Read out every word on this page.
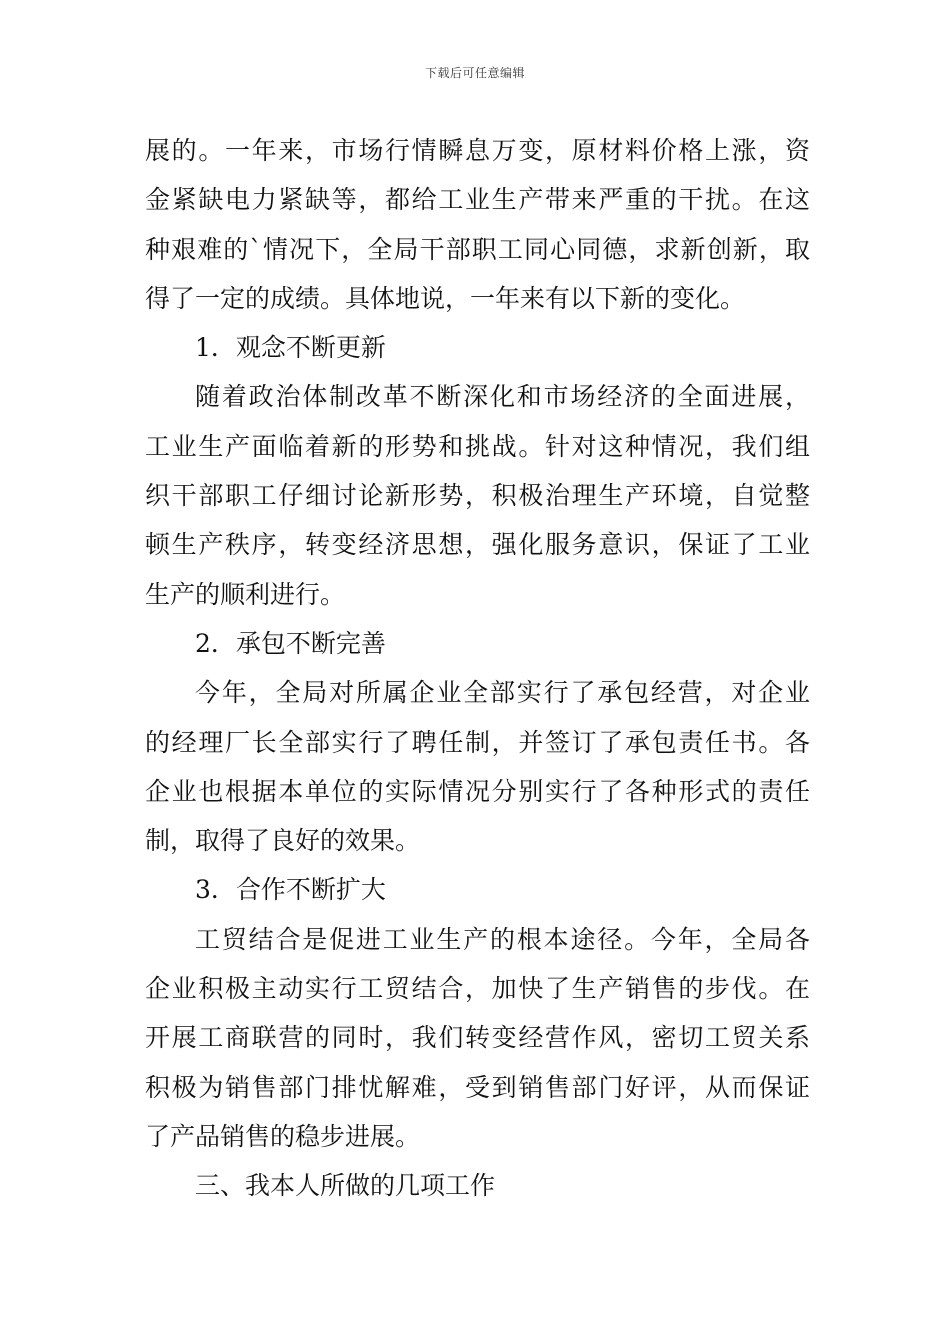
下载后可任意编辑
展的。一年来，市场行情瞬息万变，原材料价格上涨，资
金紧缺电力紧缺等，都给工业生产带来严重的干扰。在这
种艰难的`情况下，全局干部职工同心同德，求新创新，取
得了一定的成绩。具体地说，一年来有以下新的变化。
1．观念不断更新
随着政治体制改革不断深化和市场经济的全面进展，
工业生产面临着新的形势和挑战。针对这种情况，我们组
织干部职工仔细讨论新形势，积极治理生产环境，自觉整
顿生产秩序，转变经济思想，强化服务意识，保证了工业
生产的顺利进行。
2．承包不断完善
今年，全局对所属企业全部实行了承包经营，对企业
的经理厂长全部实行了聘任制，并签订了承包责任书。各
企业也根据本单位的实际情况分别实行了各种形式的责任
制，取得了良好的效果。
3．合作不断扩大
工贸结合是促进工业生产的根本途径。今年，全局各
企业积极主动实行工贸结合，加快了生产销售的步伐。在
开展工商联营的同时，我们转变经营作风，密切工贸关系
积极为销售部门排忧解难，受到销售部门好评，从而保证
了产品销售的稳步进展。
三、我本人所做的几项工作
